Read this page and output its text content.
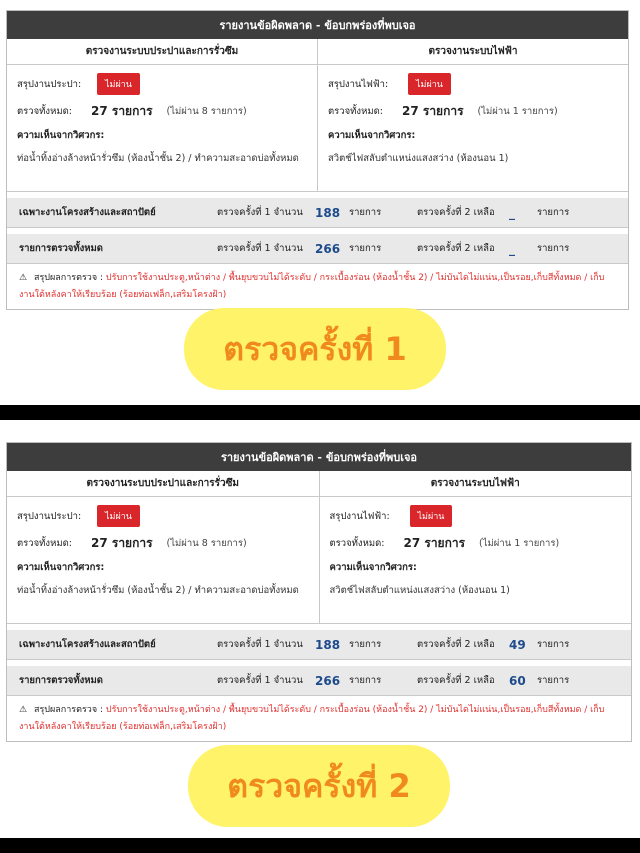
รายงานข้อผิดพลาด - ข้อบกพร่องที่พบเจอ
ตรวจงานระบบประปาและการรั่วซึม
สรุปงานประปา:	ไม่ผ่าน
ตรวจทั้งหมด:	27 รายการ (ไม่ผ่าน 8 รายการ)
ความเห็นจากวิศวกร:
ท่อน้ำทิ้งอ่างล้างหน้ารั่วซึม (ห้องน้ำชั้น 2) / ทำความสะอาดบ่อทั้งหมด
ตรวจงานระบบไฟฟ้า
สรุปงานไฟฟ้า:	ไม่ผ่าน
ตรวจทั้งหมด:	27 รายการ (ไม่ผ่าน 1 รายการ)
ความเห็นจากวิศวกร:
สวิตช์ไฟสลับตำแหน่งแสงสว่าง (ห้องนอน 1)
เฉพาะงานโครงสร้างและสถาปัตย์	ตรวจครั้งที่ 1 จำนวน 188 รายการ	ตรวจครั้งที่ 2 เหลือ _ รายการ
รายการตรวจทั้งหมด	ตรวจครั้งที่ 1 จำนวน 266 รายการ	ตรวจครั้งที่ 2 เหลือ _ รายการ
⚠ สรุปผลการตรวจ : ปรับการใช้งานประตู,หน้าต่าง / พื้นยุบขวบไม่ได้ระดับ / กระเบื้องร่อน (ห้องน้ำชั้น 2) / ไม่บันไดไม่แน่น,เป็นรอย,เก็บสีทั้งหมด / เก็บงานใต้หลังคาให้เรียบร้อย (ร้อยท่อเฟล็ก,เสริมโครงฝ้า)
ตรวจครั้งที่ 1
รายงานข้อผิดพลาด - ข้อบกพร่องที่พบเจอ
ตรวจงานระบบประปาและการรั่วซึม
สรุปงานประปา:	ไม่ผ่าน
ตรวจทั้งหมด:	27 รายการ (ไม่ผ่าน 8 รายการ)
ความเห็นจากวิศวกร:
ท่อน้ำทิ้งอ่างล้างหน้ารั่วซึม (ห้องน้ำชั้น 2) / ทำความสะอาดบ่อทั้งหมด
ตรวจงานระบบไฟฟ้า
สรุปงานไฟฟ้า:	ไม่ผ่าน
ตรวจทั้งหมด:	27 รายการ (ไม่ผ่าน 1 รายการ)
ความเห็นจากวิศวกร:
สวิตช์ไฟสลับตำแหน่งแสงสว่าง (ห้องนอน 1)
เฉพาะงานโครงสร้างและสถาปัตย์	ตรวจครั้งที่ 1 จำนวน 188 รายการ	ตรวจครั้งที่ 2 เหลือ 49 รายการ
รายการตรวจทั้งหมด	ตรวจครั้งที่ 1 จำนวน 266 รายการ	ตรวจครั้งที่ 2 เหลือ 60 รายการ
⚠ สรุปผลการตรวจ : ปรับการใช้งานประตู,หน้าต่าง / พื้นยุบขวบไม่ได้ระดับ / กระเบื้องร่อน (ห้องน้ำชั้น 2) / ไม่บันไดไม่แน่น,เป็นรอย,เก็บสีทั้งหมด / เก็บงานใต้หลังคาให้เรียบร้อย (ร้อยท่อเฟล็ก,เสริมโครงฝ้า)
ตรวจครั้งที่ 2
